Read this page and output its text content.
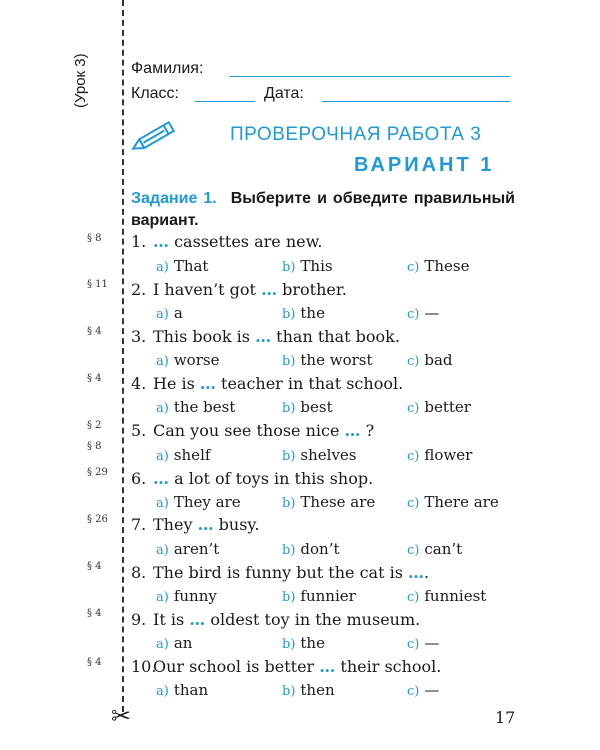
(Урок 3)
✂
Фамилия:
Класс:	Дата:
ПРОВЕРОЧНАЯ РАБОТА 3
ВАРИАНТ 1
Задание 1. Выберите и обведите правильный вариант.
§ 8
§ 11
§ 4
§ 4
§ 2
§ 8
§ 29
§ 26
§ 4
§ 4
§ 4
1. … cassettes are new.
a) That	b) This	c) These
2. I haven’t got … brother.
a) a	b) the	c) —
3. This book is … than that book.
a) worse	b) the worst	c) bad
4. He is … teacher in that school.
a) the best	b) best	c) better
5. Can you see those nice … ?
a) shelf	b) shelves	c) flower
6. … a lot of toys in this shop.
a) They are	b) These are c) There are
7. They … busy.
a) aren’t	b) don’t	c) can’t
8. The bird is funny but the cat is ….
a) funny	b) funnier	c) funniest
9. It is … oldest toy in the museum.
a) an	b) the	c) —
10.Our school is better … their school.
a) than	b) then	c) —
17
